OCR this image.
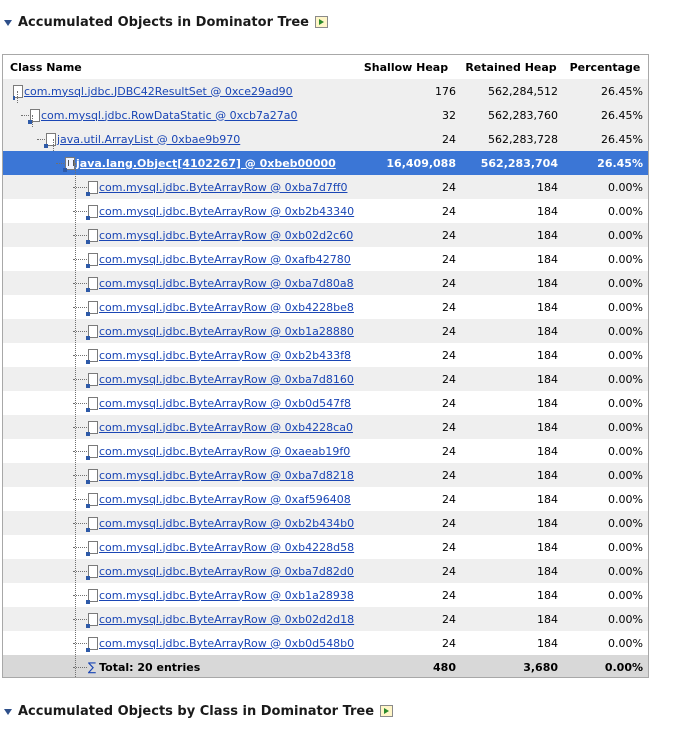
Accumulated Objects in Dominator Tree
Class Name	Shallow Heap	Retained Heap	Percentage
com.mysql.jdbc.JDBC42ResultSet @ 0xce29ad90	176	562,284,512	26.45%
com.mysql.jdbc.RowDataStatic @ 0xcb7a27a0	32	562,283,760	26.45%
java.util.ArrayList @ 0xbae9b970	24	562,283,728	26.45%
java.lang.Object[4102267] @ 0xbeb00000	16,409,088	562,283,704	26.45%
com.mysql.jdbc.ByteArrayRow @ 0xba7d7ff0	24	184	0.00%
com.mysql.jdbc.ByteArrayRow @ 0xb2b43340	24	184	0.00%
com.mysql.jdbc.ByteArrayRow @ 0xb02d2c60	24	184	0.00%
com.mysql.jdbc.ByteArrayRow @ 0xafb42780	24	184	0.00%
com.mysql.jdbc.ByteArrayRow @ 0xba7d80a8	24	184	0.00%
com.mysql.jdbc.ByteArrayRow @ 0xb4228be8	24	184	0.00%
com.mysql.jdbc.ByteArrayRow @ 0xb1a28880	24	184	0.00%
com.mysql.jdbc.ByteArrayRow @ 0xb2b433f8	24	184	0.00%
com.mysql.jdbc.ByteArrayRow @ 0xba7d8160	24	184	0.00%
com.mysql.jdbc.ByteArrayRow @ 0xb0d547f8	24	184	0.00%
com.mysql.jdbc.ByteArrayRow @ 0xb4228ca0	24	184	0.00%
com.mysql.jdbc.ByteArrayRow @ 0xaeab19f0	24	184	0.00%
com.mysql.jdbc.ByteArrayRow @ 0xba7d8218	24	184	0.00%
com.mysql.jdbc.ByteArrayRow @ 0xaf596408	24	184	0.00%
com.mysql.jdbc.ByteArrayRow @ 0xb2b434b0	24	184	0.00%
com.mysql.jdbc.ByteArrayRow @ 0xb4228d58	24	184	0.00%
com.mysql.jdbc.ByteArrayRow @ 0xba7d82d0	24	184	0.00%
com.mysql.jdbc.ByteArrayRow @ 0xb1a28938	24	184	0.00%
com.mysql.jdbc.ByteArrayRow @ 0xb02d2d18	24	184	0.00%
com.mysql.jdbc.ByteArrayRow @ 0xb0d548b0	24	184	0.00%
∑ Total: 20 entries	480	3,680	0.00%
Accumulated Objects by Class in Dominator Tree
